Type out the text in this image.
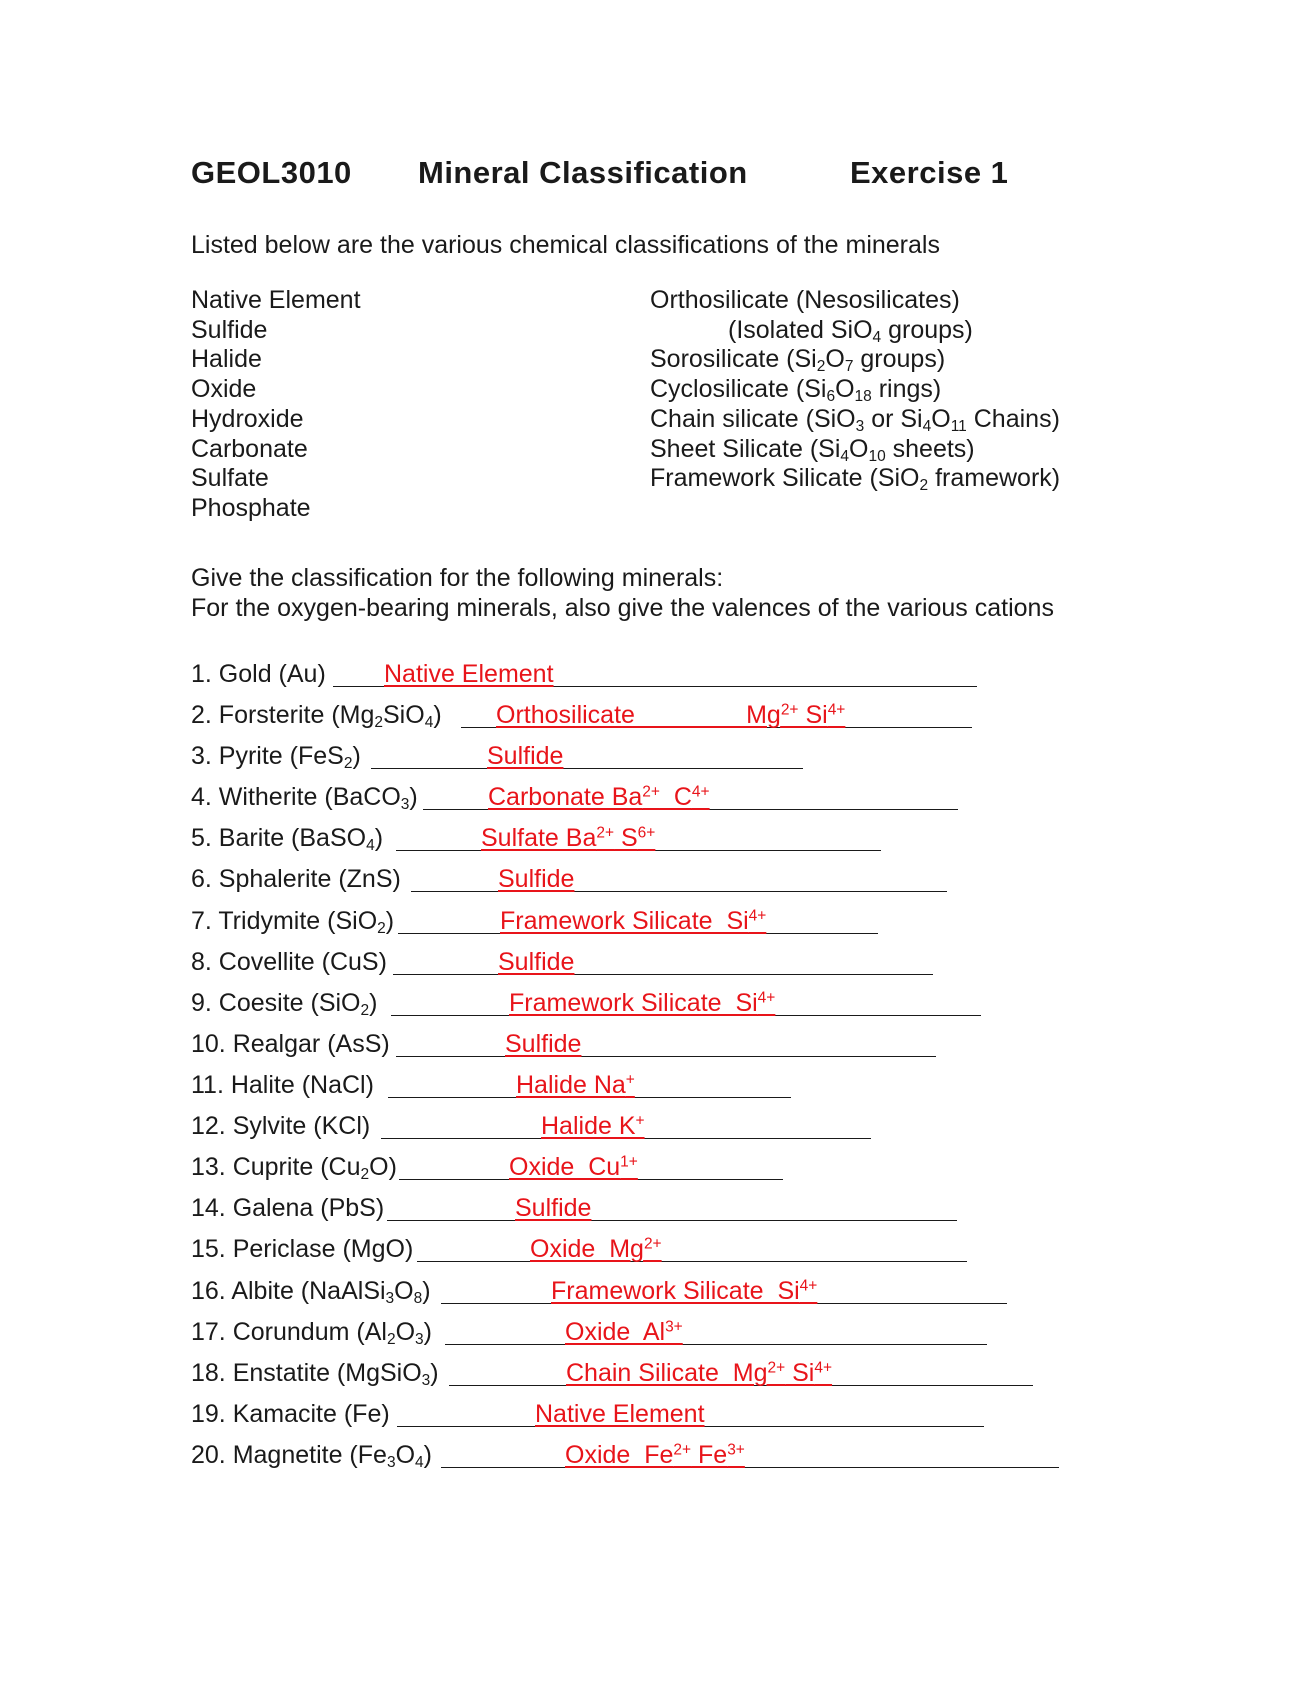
GEOL3010 Mineral Classification	Exercise 1

Listed below are the various chemical classifications of the minerals

Native Element
Sulfide
Halide
Oxide
Hydroxide
Carbonate
Sulfate
Phosphate
Orthosilicate (Nesosilicates)
(Isolated SiO$_4$ groups)
Sorosilicate ($Si_2O_7$ groups)
Cyclosilicate ($Si_6O_{18}$ rings)
Chain silicate (SiO$_3$ or $Si_4O_{11}$ Chains)
Sheet Silicate ($Si_4O_{10}$ sheets)
Framework Silicate (SiO$_2$ framework)
Give the classification for the following minerals:
For the oxygen-bearing minerals, also give the valences of the various cations
1. Gold (Au) Native Element
2. Forsterite $(Mg_2SiO_4)$ Orthosilicate                $Mg^{2+}$ $Si^{4+}$
3. Pyrite (FeS$_2$)	Sulfide
4. Witherite (BaCO$_3$)	Carbonate $Ba^{2+}$  $C^{4+}$
5. Barite (BaSO$_4$)	Sulfate $Ba^{2+}$ $S^{6+}$
6. Sphalerite (ZnS)	Sulfide
7. Tridymite (SiO$_2$)	Framework Silicate  $Si^{4+}$
8. Covellite (CuS)	Sulfide
9. Coesite (SiO$_2$)	Framework Silicate  $Si^{4+}$
10. Realgar (AsS)	Sulfide
11. Halite (NaCl)	Halide Na+
12. Sylvite (KCl)	Halide K+
13. Cuprite $(Cu_2O)$	Oxide  $Cu^{1+}$
14. Galena (PbS)	Sulfide
15. Periclase (MgO)	Oxide  $Mg^{2+}$
16. Albite $(NaAlSi_3O_8)$	Framework Silicate  $Si^{4+}$
17. Corundum $(Al_2O_3)$	Oxide  $Al^{3+}$
18. Enstatite (MgSiO$_3$)	Chain Silicate  $Mg^{2+}$ $Si^{4+}$
19. Kamacite (Fe)	Native Element
20. Magnetite $(Fe_3O_4)$	Oxide  $Fe^{2+}$ $Fe^{3+}$
